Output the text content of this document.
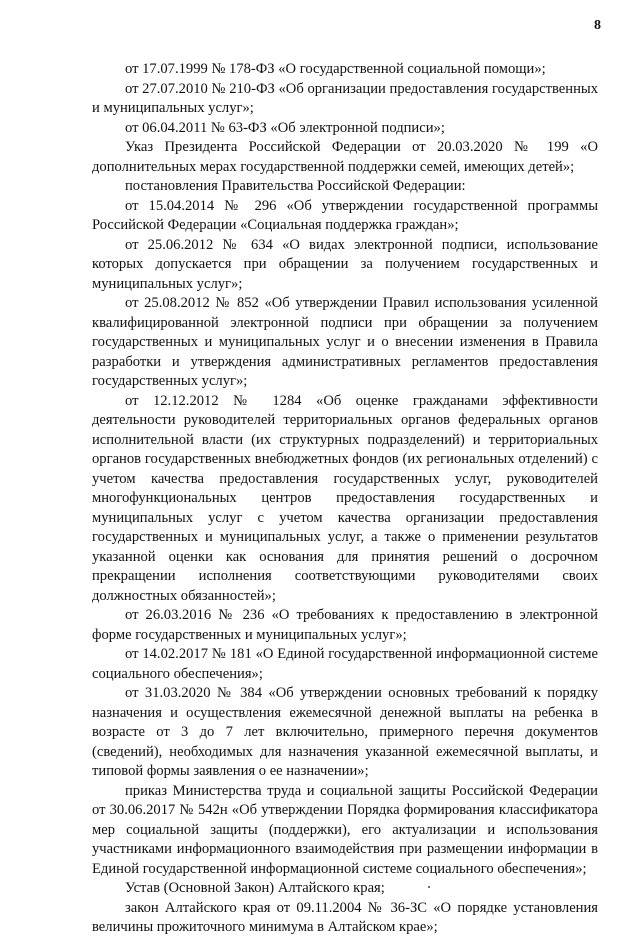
8

от 17.07.1999 № 178-ФЗ «О государственной социальной помощи»;

от 27.07.2010 № 210-ФЗ «Об организации предоставления государственных и муниципальных услуг»;

от 06.04.2011 № 63-ФЗ «Об электронной подписи»;

Указ Президента Российской Федерации от 20.03.2020 № 199 «О дополнительных мерах государственной поддержки семей, имеющих детей»;

постановления Правительства Российской Федерации:

от 15.04.2014 № 296 «Об утверждении государственной программы Российской Федерации «Социальная поддержка граждан»;

от 25.06.2012 № 634 «О видах электронной подписи, использование которых допускается при обращении за получением государственных и муниципальных услуг»;

от 25.08.2012 № 852 «Об утверждении Правил использования усиленной квалифицированной электронной подписи при обращении за получением государственных и муниципальных услуг и о внесении изменения в Правила разработки и утверждения административных регламентов предоставления государственных услуг»;

от 12.12.2012 № 1284 «Об оценке гражданами эффективности деятельности руководителей территориальных органов федеральных органов исполнительной власти (их структурных подразделений) и территориальных органов государственных внебюджетных фондов (их региональных отделений) с учетом качества предоставления государственных услуг, руководителей многофункциональных центров предоставления государственных и муниципальных услуг с учетом качества организации предоставления государственных и муниципальных услуг, а также о применении результатов указанной оценки как основания для принятия решений о досрочном прекращении исполнения соответствующими руководителями своих должностных обязанностей»;

от 26.03.2016 № 236 «О требованиях к предоставлению в электронной форме государственных и муниципальных услуг»;

от 14.02.2017 № 181 «О Единой государственной информационной системе социального обеспечения»;

от 31.03.2020 № 384 «Об утверждении основных требований к порядку назначения и осуществления ежемесячной денежной выплаты на ребенка в возрасте от 3 до 7 лет включительно, примерного перечня документов (сведений), необходимых для назначения указанной ежемесячной выплаты, и типовой формы заявления о ее назначении»;

приказ Министерства труда и социальной защиты Российской Федерации от 30.06.2017 № 542н «Об утверждении Порядка формирования классификатора мер социальной защиты (поддержки), его актуализации и использования участниками информационного взаимодействия при размещении информации в Единой государственной информационной системе социального обеспечения»;

Устав (Основной Закон) Алтайского края;

закон Алтайского края от 09.11.2004 № 36-ЗС «О порядке установления величины прожиточного минимума в Алтайском крае»;
